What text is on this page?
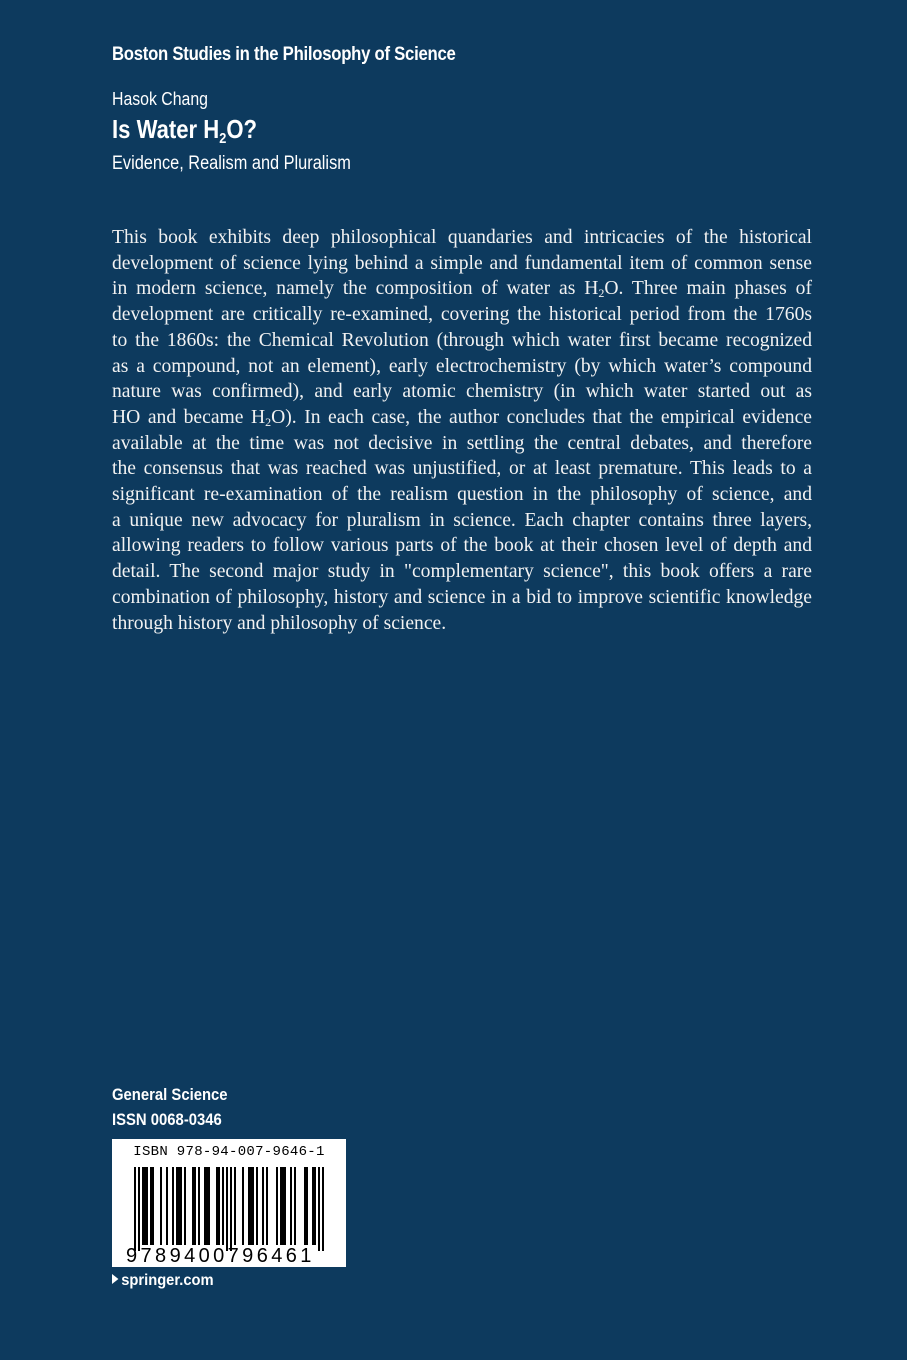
Boston Studies in the Philosophy of Science
Hasok Chang
Is Water $H_2O$?
Evidence, Realism and Pluralism
This book exhibits deep philosophical quandaries and intricacies of the historical
development of science lying behind a simple and fundamental item of common sense
in modern science, namely the composition of water as $H_2O$. Three main phases of
development are critically re-examined, covering the historical period from the 1760s
to the 1860s: the Chemical Revolution (through which water first became recognized
as a compound, not an element), early electrochemistry (by which water’s compound
nature was confirmed), and early atomic chemistry (in which water started out as
HO and became $H_2O$). In each case, the author concludes that the empirical evidence
available at the time was not decisive in settling the central debates, and therefore
the consensus that was reached was unjustified, or at least premature. This leads to a
significant re-examination of the realism question in the philosophy of science, and
a unique new advocacy for pluralism in science. Each chapter contains three layers,
allowing readers to follow various parts of the book at their chosen level of depth and
detail. The second major study in "complementary science", this book offers a rare
combination of philosophy, history and science in a bid to improve scientific knowledge
through history and philosophy of science.
General Science
ISSN 0068-0346
ISBN 978-94-007-9646-1
9789400796461
springer.com
